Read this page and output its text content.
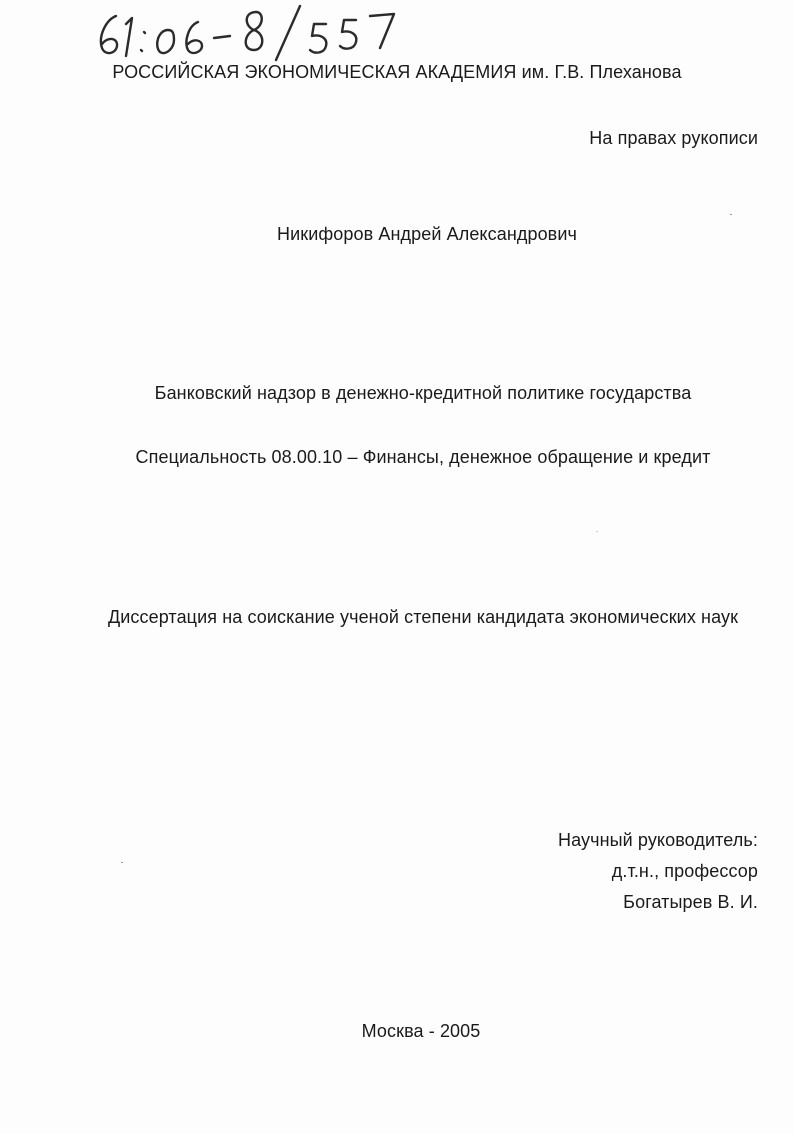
РОССИЙСКАЯ ЭКОНОМИЧЕСКАЯ АКАДЕМИЯ им. Г.В. Плеханова
На правах рукописи
Никифоров Андрей Александрович
Банковский надзор в денежно-кредитной политике государства
Специальность 08.00.10 – Финансы, денежное обращение и кредит
Диссертация на соискание ученой степени кандидата экономических наук
Научный руководитель:
д.т.н., профессор
Богатырев В. И.
Москва - 2005
